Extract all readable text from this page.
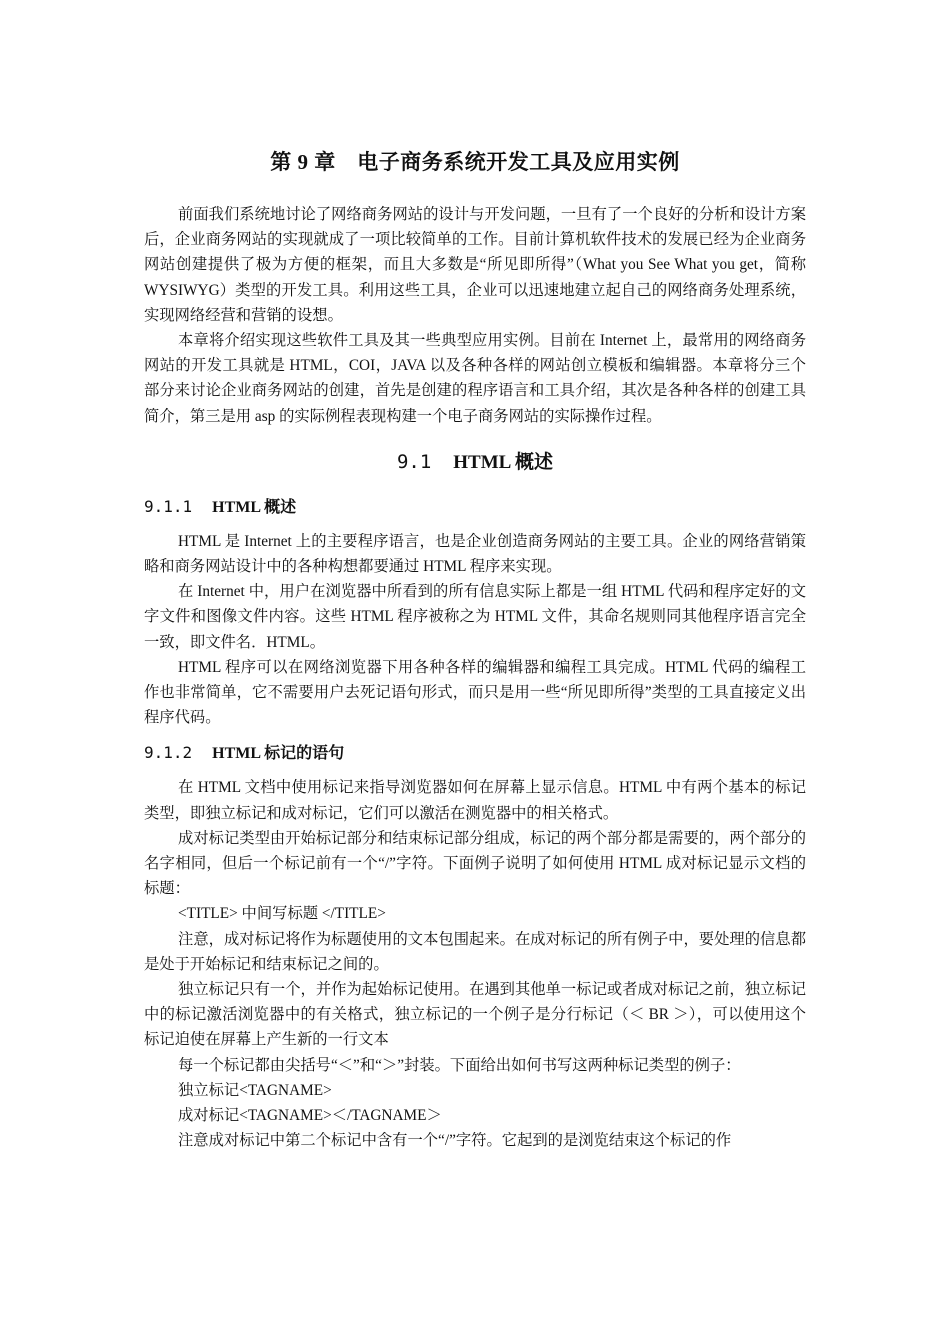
第 9 章　电子商务系统开发工具及应用实例

前面我们系统地讨论了网络商务网站的设计与开发问题，一旦有了一个良好的分析和设计方案后，企业商务网站的实现就成了一项比较简单的工作。目前计算机软件技术的发展已经为企业商务网站创建提供了极为方便的框架，而且大多数是“所见即所得”（What you See What you get，简称 WYSIWYG）类型的开发工具。利用这些工具，企业可以迅速地建立起自己的网络商务处理系统，实现网络经营和营销的设想。

本章将介绍实现这些软件工具及其一些典型应用实例。目前在 Internet 上，最常用的网络商务网站的开发工具就是 HTML，COI，JAVA 以及各种各样的网站创立模板和编辑器。本章将分三个部分来讨论企业商务网站的创建，首先是创建的程序语言和工具介绍，其次是各种各样的创建工具简介，第三是用 asp 的实际例程表现构建一个电子商务网站的实际操作过程。

9.1 HTML 概述
9.1.1 HTML 概述

HTML 是 Internet 上的主要程序语言，也是企业创造商务网站的主要工具。企业的网络营销策略和商务网站设计中的各种构想都要通过 HTML 程序来实现。

在 Internet 中，用户在浏览器中所看到的所有信息实际上都是一组 HTML 代码和程序定好的文字文件和图像文件内容。这些 HTML 程序被称之为 HTML 文件，其命名规则同其他程序语言完全一致，即文件名．HTML。

HTML 程序可以在网络浏览器下用各种各样的编辑器和编程工具完成。HTML 代码的编程工作也非常简单，它不需要用户去死记语句形式，而只是用一些“所见即所得”类型的工具直接定义出程序代码。

9.1.2 HTML 标记的语句

在 HTML 文档中使用标记来指导浏览器如何在屏幕上显示信息。HTML 中有两个基本的标记类型，即独立标记和成对标记，它们可以激活在测览器中的相关格式。

成对标记类型由开始标记部分和结束标记部分组成，标记的两个部分都是需要的，两个部分的名字相同，但后一个标记前有一个“/”字符。下面例子说明了如何使用 HTML 成对标记显示文档的标题：

<TITLE> 中间写标题 </TITLE>

注意，成对标记将作为标题使用的文本包围起来。在成对标记的所有例子中，要处理的信息都是处于开始标记和结束标记之间的。

独立标记只有一个，并作为起始标记使用。在遇到其他单一标记或者成对标记之前，独立标记中的标记激活浏览器中的有关格式，独立标记的一个例子是分行标记（＜ BR ＞），可以使用这个标记迫使在屏幕上产生新的一行文本

每一个标记都由尖括号“＜”和“＞”封装。下面给出如何书写这两种标记类型的例子：

独立标记<TAGNAME>

成对标记<TAGNAME>＜/TAGNAME＞

注意成对标记中第二个标记中含有一个“/”字符。它起到的是浏览结束这个标记的作
